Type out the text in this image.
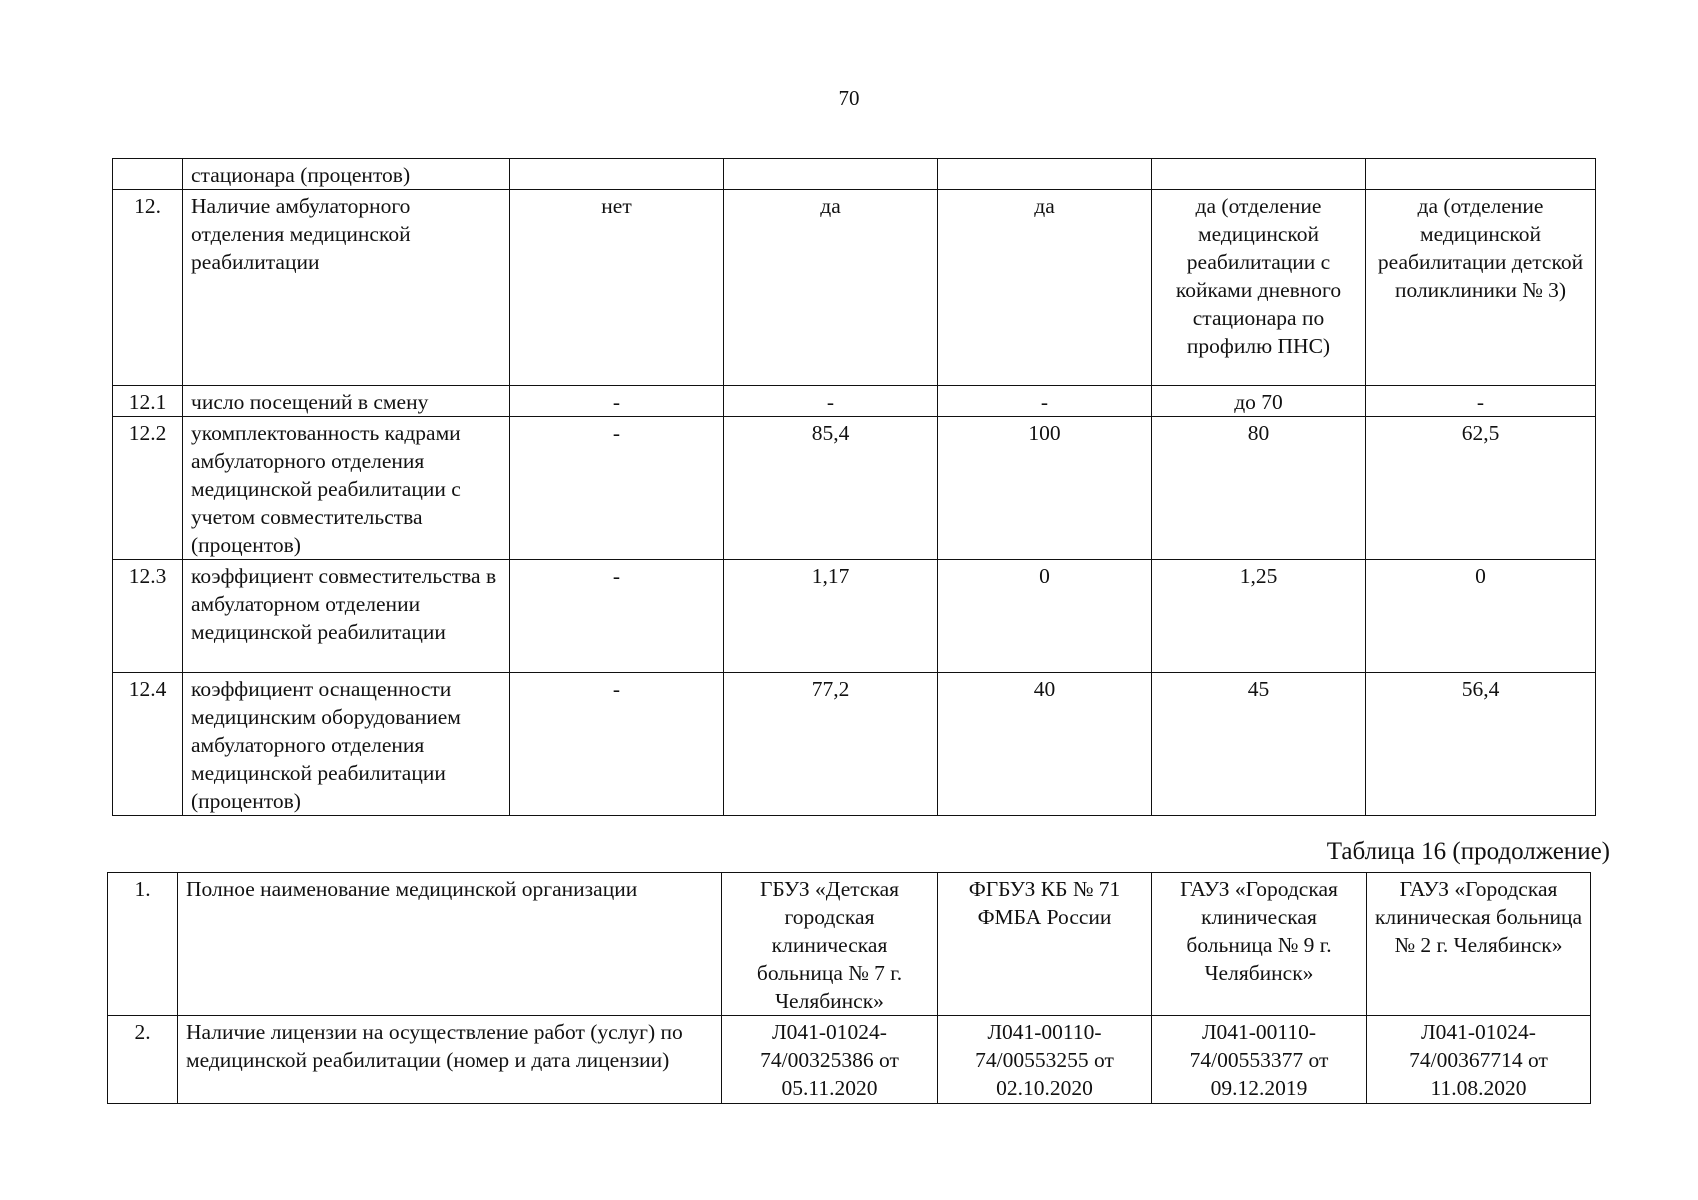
70
	стационара (процентов)					
12.	Наличие амбулаторного отделения медицинской реабилитации	нет	да	да	да (отделение медицинской реабилитации с койками дневного стационара по профилю ПНС)	да (отделение медицинской реабилитации детской поликлиники № 3)
12.1	число посещений в смену	-	-	-	до 70	-
12.2	укомплектованность кадрами амбулаторного отделения медицинской реабилитации с учетом совместительства (процентов)	-	85,4	100	80	62,5
12.3	коэффициент совместительства в амбулаторном отделении медицинской реабилитации	-	1,17	0	1,25	0
12.4	коэффициент оснащенности медицинским оборудованием амбулаторного отделения медицинской реабилитации (процентов)	-	77,2	40	45	56,4
Таблица 16 (продолжение)
1.	Полное наименование медицинской организации	ГБУЗ «Детская городская клиническая больница № 7 г. Челябинск»	ФГБУЗ КБ № 71 ФМБА России	ГАУЗ «Городская клиническая больница № 9 г. Челябинск»	ГАУЗ «Городская клиническая больница № 2 г. Челябинск»
2.	Наличие лицензии на осуществление работ (услуг) по медицинской реабилитации (номер и дата лицензии)	Л041-01024-74/00325386 от 05.11.2020	Л041-00110-74/00553255 от 02.10.2020	Л041-00110-74/00553377 от 09.12.2019	Л041-01024-74/00367714 от 11.08.2020
